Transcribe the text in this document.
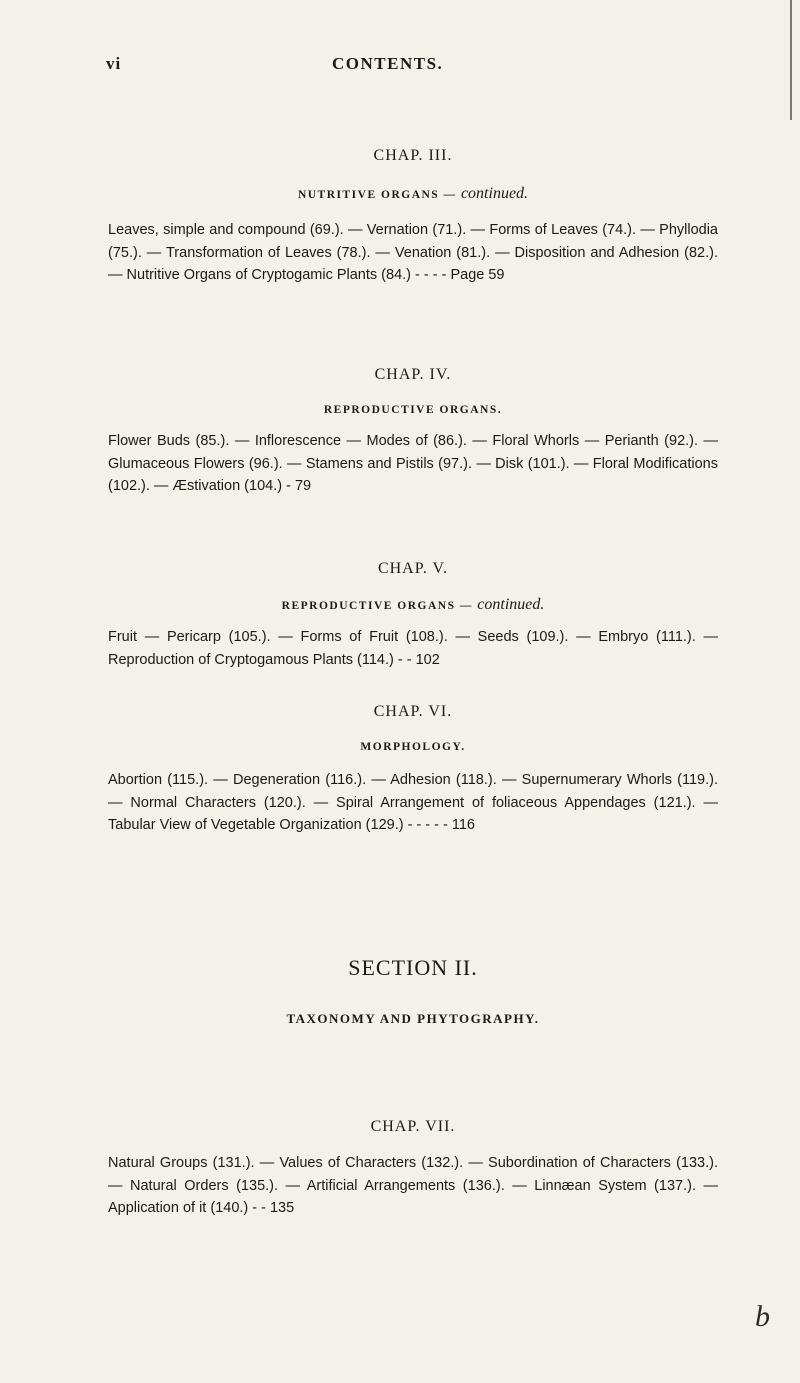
vi	CONTENTS.
CHAP. III.

NUTRITIVE ORGANS — continued.

Leaves, simple and compound (69.). — Vernation (71.). — Forms of Leaves (74.). — Phyllodia (75.). — Transformation of Leaves (78.). — Venation (81.). — Disposition and Adhesion (82.). — Nutritive Organs of Cryptogamic Plants (84.) - - - - Page 59

CHAP. IV.

REPRODUCTIVE ORGANS.

Flower Buds (85.). — Inflorescence — Modes of (86.). — Floral Whorls — Perianth (92.). — Glumaceous Flowers (96.). — Stamens and Pistils (97.). — Disk (101.). — Floral Modifications (102.). — Æstivation (104.) - 79

CHAP. V.

REPRODUCTIVE ORGANS — continued.

Fruit — Pericarp (105.). — Forms of Fruit (108.). — Seeds (109.). — Embryo (111.). — Reproduction of Cryptogamous Plants (114.) - - 102

CHAP. VI.

MORPHOLOGY.

Abortion (115.). — Degeneration (116.). — Adhesion (118.). — Supernumerary Whorls (119.). — Normal Characters (120.). — Spiral Arrangement of foliaceous Appendages (121.). — Tabular View of Vegetable Organization (129.) - - - - - 116

SECTION II.

TAXONOMY AND PHYTOGRAPHY.

CHAP. VII.

Natural Groups (131.). — Values of Characters (132.). — Subordination of Characters (133.). — Natural Orders (135.). — Artificial Arrangements (136.). — Linnæan System (137.). — Application of it (140.) - - 135

b
